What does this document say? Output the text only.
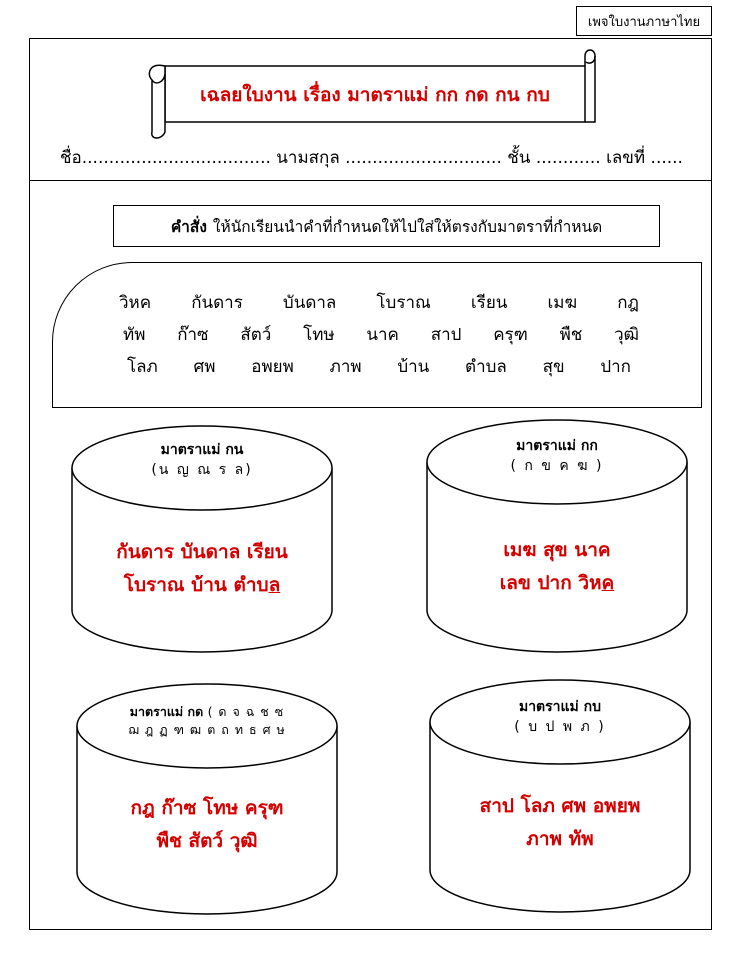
เพจใบงานภาษาไทย
เฉลยใบงาน เรื่อง มาตราแม่ กก กด กน กบ
ชื่อ................................... นามสกุล ............................. ชั้น ............ เลขที่ ......
คำสั่ง ให้นักเรียนนำคำที่กำหนดให้ไปใส่ให้ตรงกับมาตราที่กำหนด
วิหค กันดาร บันดาล โบราณ เรียน เมฆ กฎ
ทัพ ก๊าซ สัตว์ โทษ นาค สาป ครุฑ พืช วุฒิ
โลภ ศพ อพยพ ภาพ บ้าน ตำบล สุข ปาก
มาตราแม่ กน
(น ญ ณ ร ล)
กันดาร บันดาล เรียน
โบราณ บ้าน ตำบล
มาตราแม่ กก
( ก ข ค ฆ )
เมฆ สุข นาค
เลข ปาก วิหค
มาตราแม่ กด ( ด จ ฉ ช ซ
ฌ ฎ ฏ ฑ ฒ ต ถ ท ธ ศ ษ
กฎ ก๊าซ โทษ ครุฑ
พืช สัตว์ วุฒิ
มาตราแม่ กบ
( บ ป พ ภ )
สาป โลภ ศพ อพยพ
ภาพ ทัพ
